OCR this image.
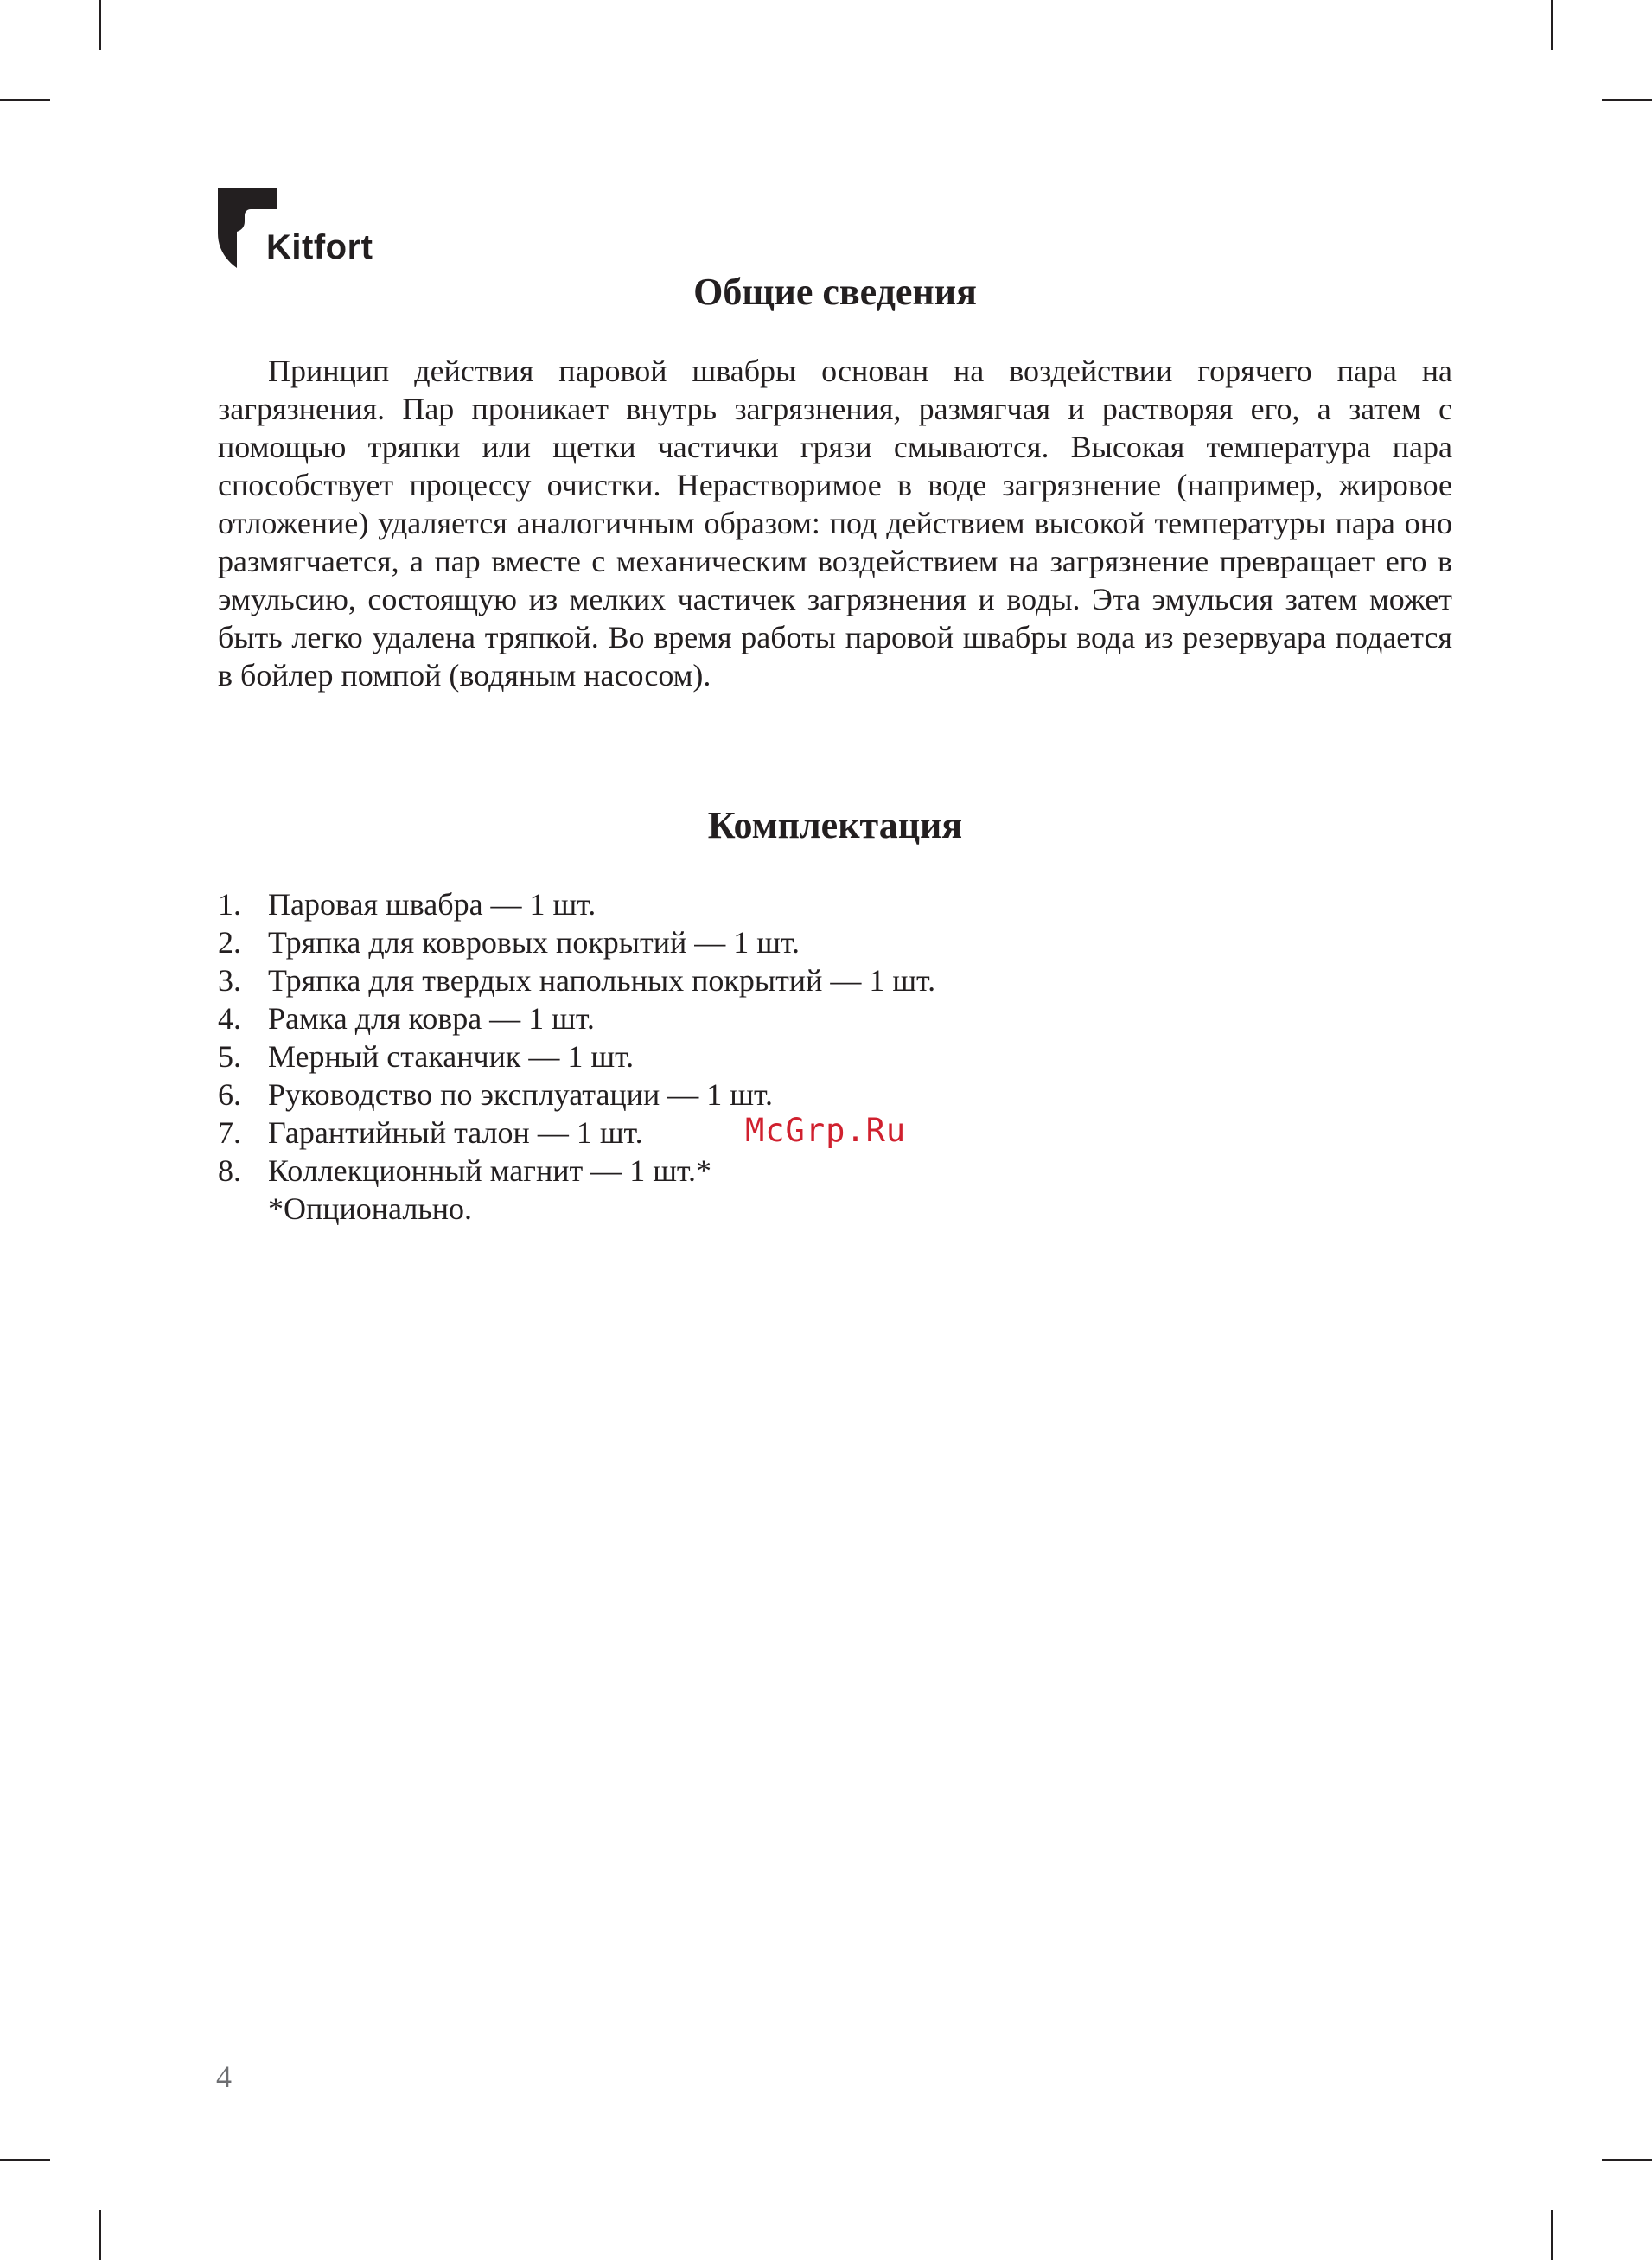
Kitfort
Общие сведения

Принцип действия паровой швабры основан на воздействии горячего пара на загрязнения. Пар проникает внутрь загрязнения, размягчая и растворяя его, а затем с помощью тряпки или щетки частички грязи смываются. Высокая температура пара способствует процессу очистки. Нерастворимое в воде загрязнение (например, жировое отложение) удаляется аналогичным образом: под действием высокой температуры пара оно размягчается, а пар вместе с механическим воздействием на загрязнение превращает его в эмульсию, состоящую из мелких частичек загрязнения и воды. Эта эмульсия затем может быть легко удалена тряпкой. Во время работы паровой швабры вода из резервуара подается в бойлер помпой (водяным насосом).

Комплектация
1. Паровая швабра — 1 шт.
2. Тряпка для ковровых покрытий — 1 шт.
3. Тряпка для твердых напольных покрытий — 1 шт.
4. Рамка для ковра — 1 шт.
5. Мерный стаканчик — 1 шт.
6. Руководство по эксплуатации — 1 шт.
7. Гарантийный талон — 1 шт.
8. Коллекционный магнит — 1 шт.*

*Опционально.

McGrp.Ru
4
